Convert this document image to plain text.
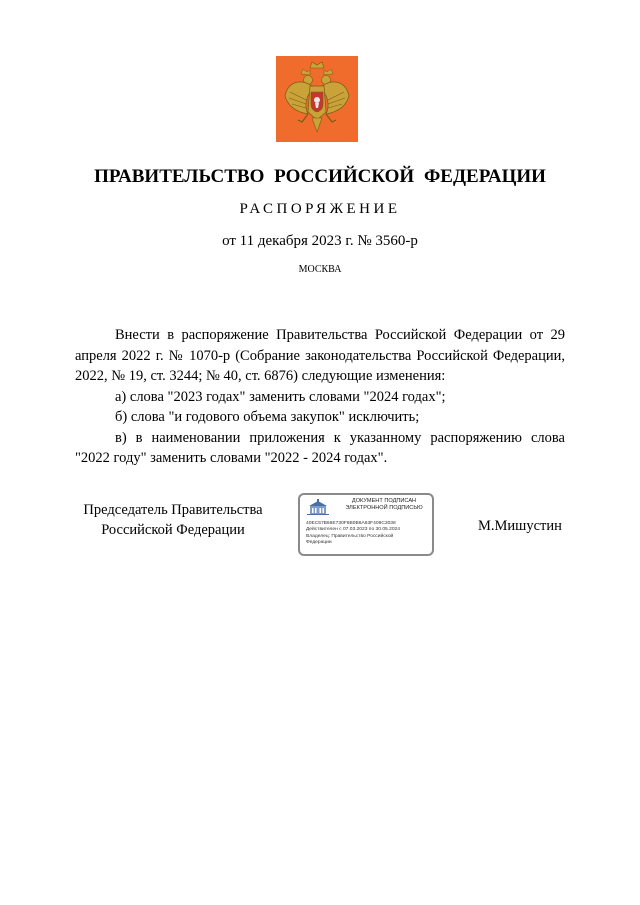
ПРАВИТЕЛЬСТВО РОССИЙСКОЙ ФЕДЕРАЦИИ
РАСПОРЯЖЕНИЕ
от 11 декабря 2023 г. № 3560-р
МОСКВА

Внести в распоряжение Правительства Российской Федерации от 29 апреля 2022 г. № 1070-р (Собрание законодательства Российской Федерации, 2022, № 19, ст. 3244; № 40, ст. 6876) следующие изменения:

а) слова "2023 годах" заменить словами "2024 годах";

б) слова "и годового объема закупок" исключить;

в) в наименовании приложения к указанному распоряжению слова "2022 году" заменить словами "2022 - 2024 годах".

Председатель Правительства
Российской Федерации
ДОКУМЕНТ ПОДПИСАН
ЭЛЕКТРОННОЙ ПОДПИСЬЮ
40EC57B66E730F6B0B6A63F409C3038
Действителен с 07.03.2023 по 30.05.2024
Владелец: Правительство Российской
Федерации
М.Мишустин
